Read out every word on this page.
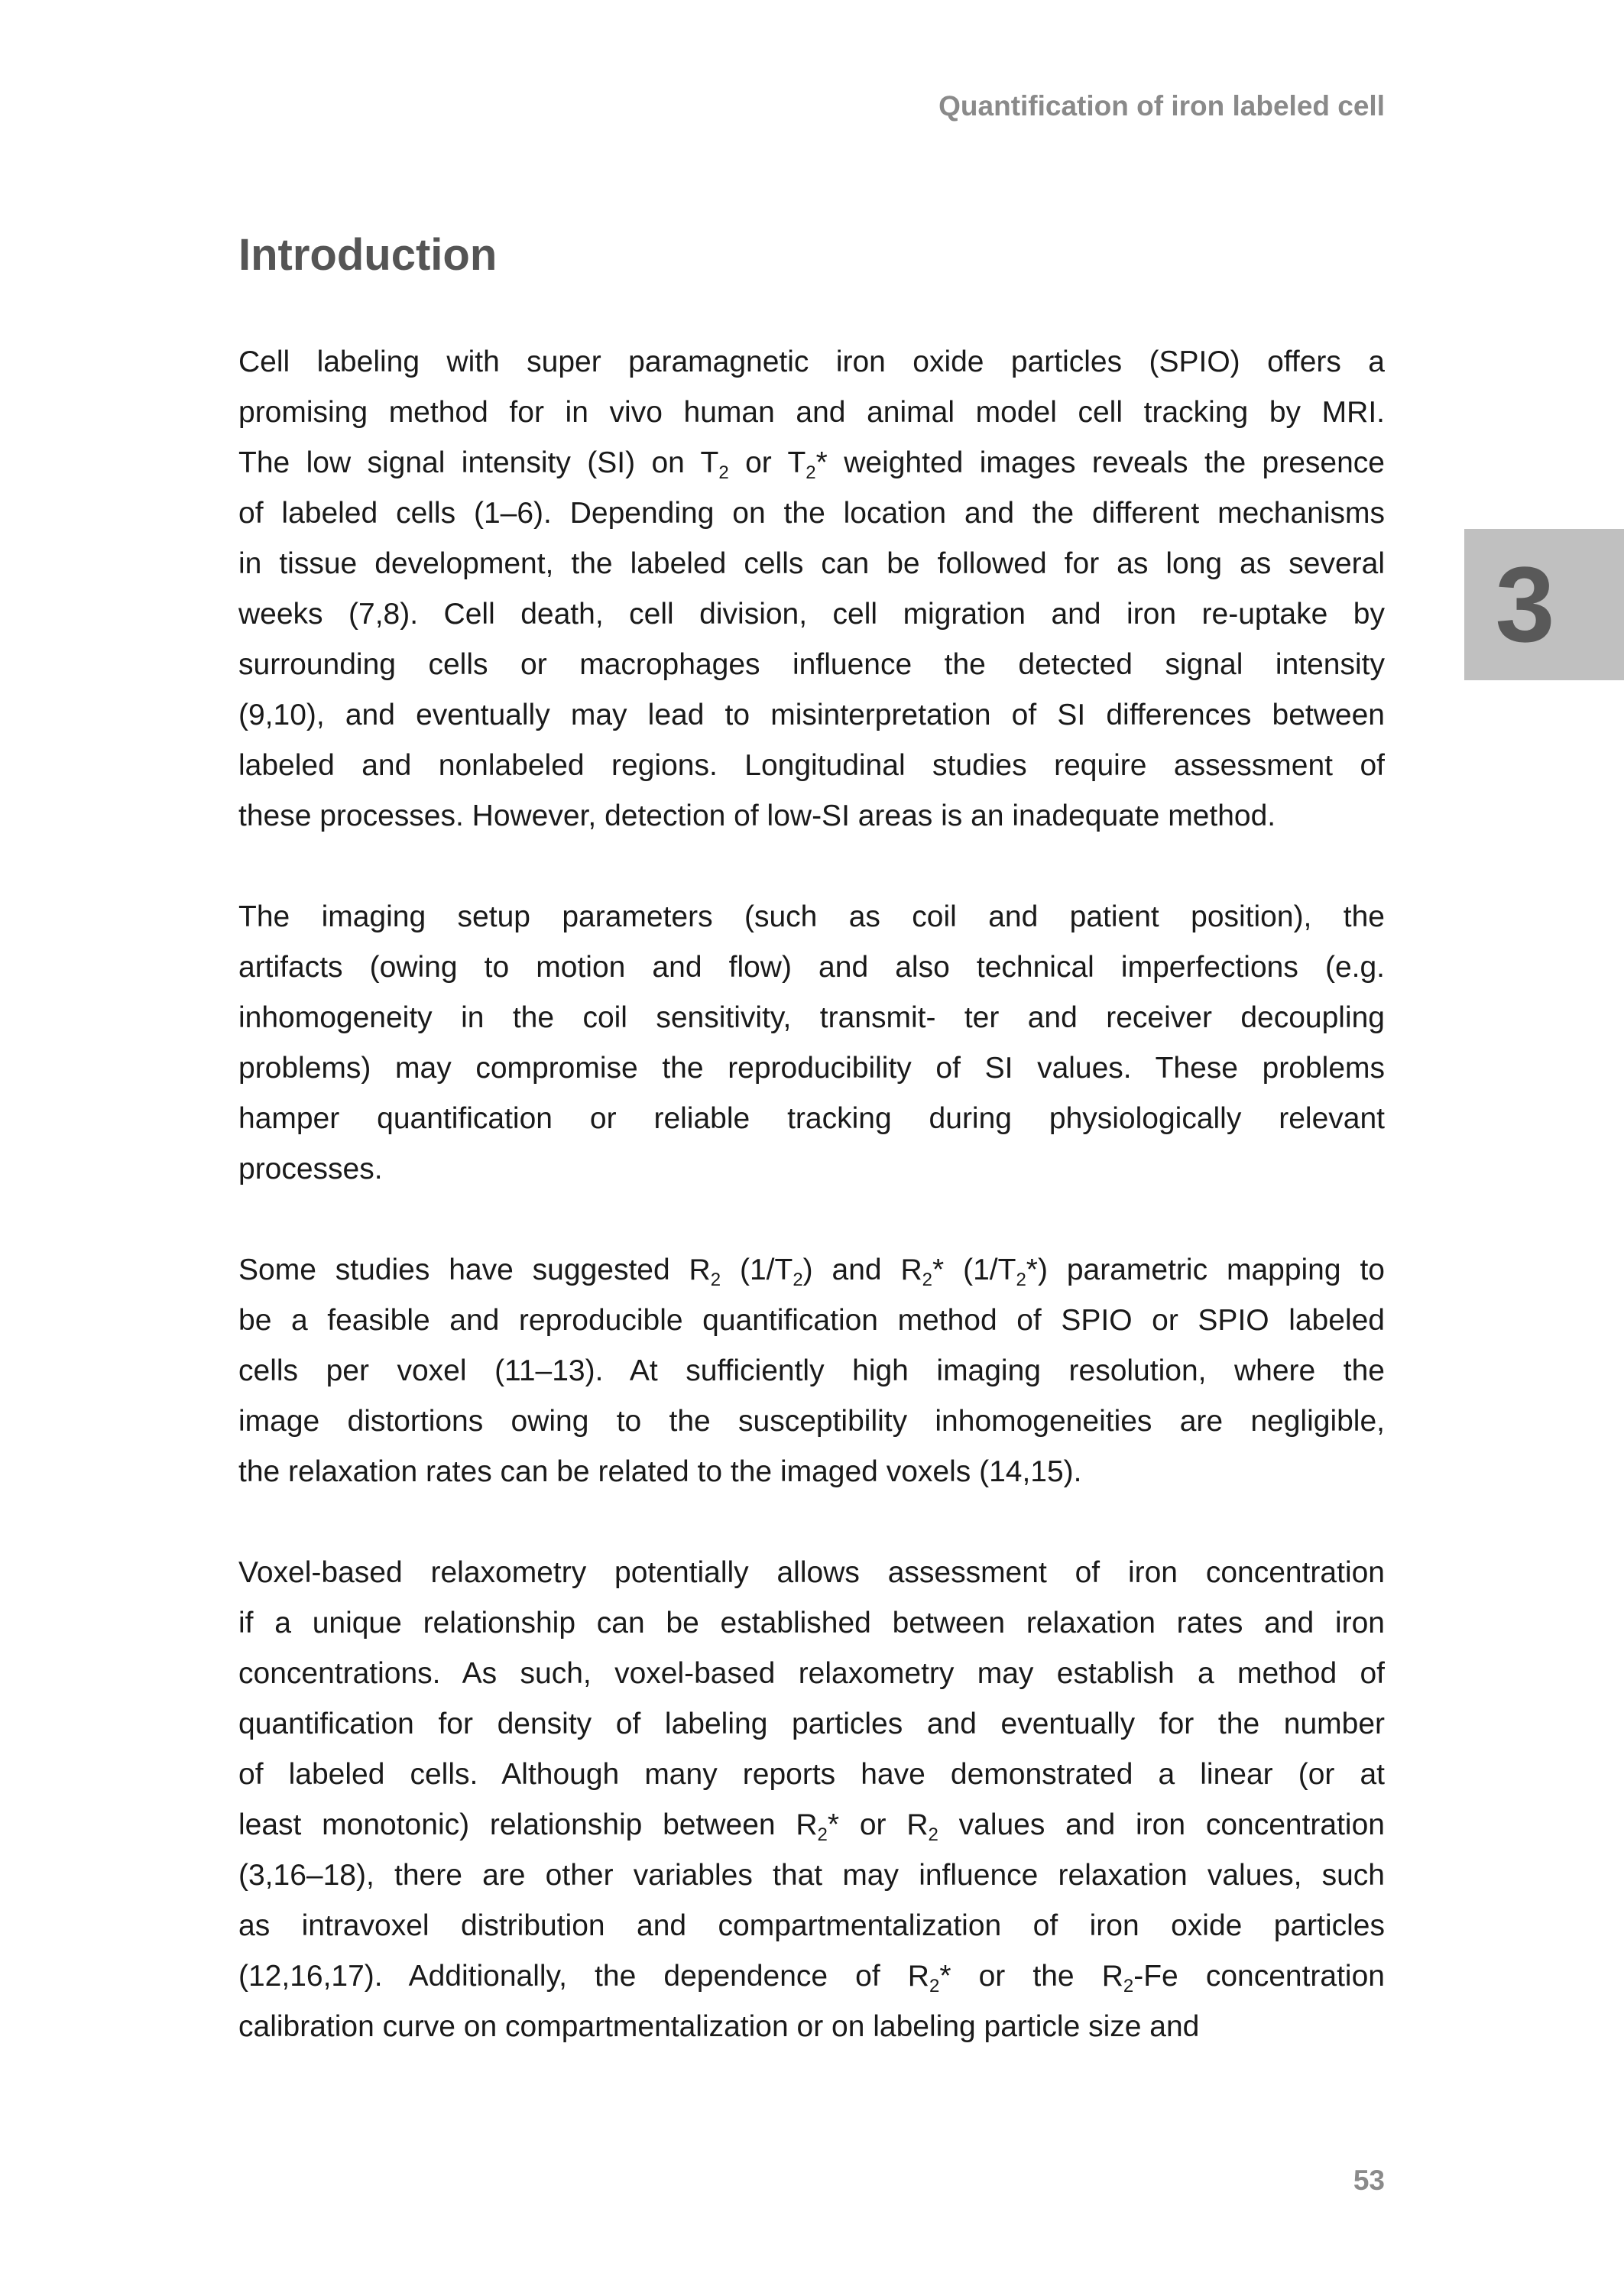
Quantification of iron labeled cell
Introduction
Cell labeling with super paramagnetic iron oxide particles (SPIO) offers a
promising method for in vivo human and animal model cell tracking by MRI.
The low signal intensity (SI) on $T_2$ or $T_2*$ weighted images reveals the presence
of labeled cells (1–6). Depending on the location and the different mechanisms
in tissue development, the labeled cells can be followed for as long as several
weeks (7,8). Cell death, cell division, cell migration and iron re-uptake by
surrounding cells or macrophages influence the detected signal intensity
(9,10), and eventually may lead to misinterpretation of SI differences between
labeled and nonlabeled regions. Longitudinal studies require assessment of
these processes. However, detection of low-SI areas is an inadequate method.
The imaging setup parameters (such as coil and patient position), the
artifacts (owing to motion and flow) and also technical imperfections (e.g.
inhomogeneity in the coil sensitivity, transmit- ter and receiver decoupling
problems) may compromise the reproducibility of SI values. These problems
hamper quantification or reliable tracking during physiologically relevant
processes.
Some studies have suggested $R_2$ $(1/T_2)$ and $R_2*$ $(1/T_2*)$ parametric mapping to
be a feasible and reproducible quantification method of SPIO or SPIO labeled
cells per voxel (11–13). At sufficiently high imaging resolution, where the
image distortions owing to the susceptibility inhomogeneities are negligible,
the relaxation rates can be related to the imaged voxels (14,15).
Voxel-based relaxometry potentially allows assessment of iron concentration
if a unique relationship can be established between relaxation rates and iron
concentrations. As such, voxel-based relaxometry may establish a method of
quantification for density of labeling particles and eventually for the number
of labeled cells. Although many reports have demonstrated a linear (or at
least monotonic) relationship between $R_2*$ or $R_2$ values and iron concentration
(3,16–18), there are other variables that may influence relaxation values, such
as intravoxel distribution and compartmentalization of iron oxide particles
(12,16,17). Additionally, the dependence of $R_2*$ or the $R_2-Fe$ concentration
calibration curve on compartmentalization or on labeling particle size and
3
53
